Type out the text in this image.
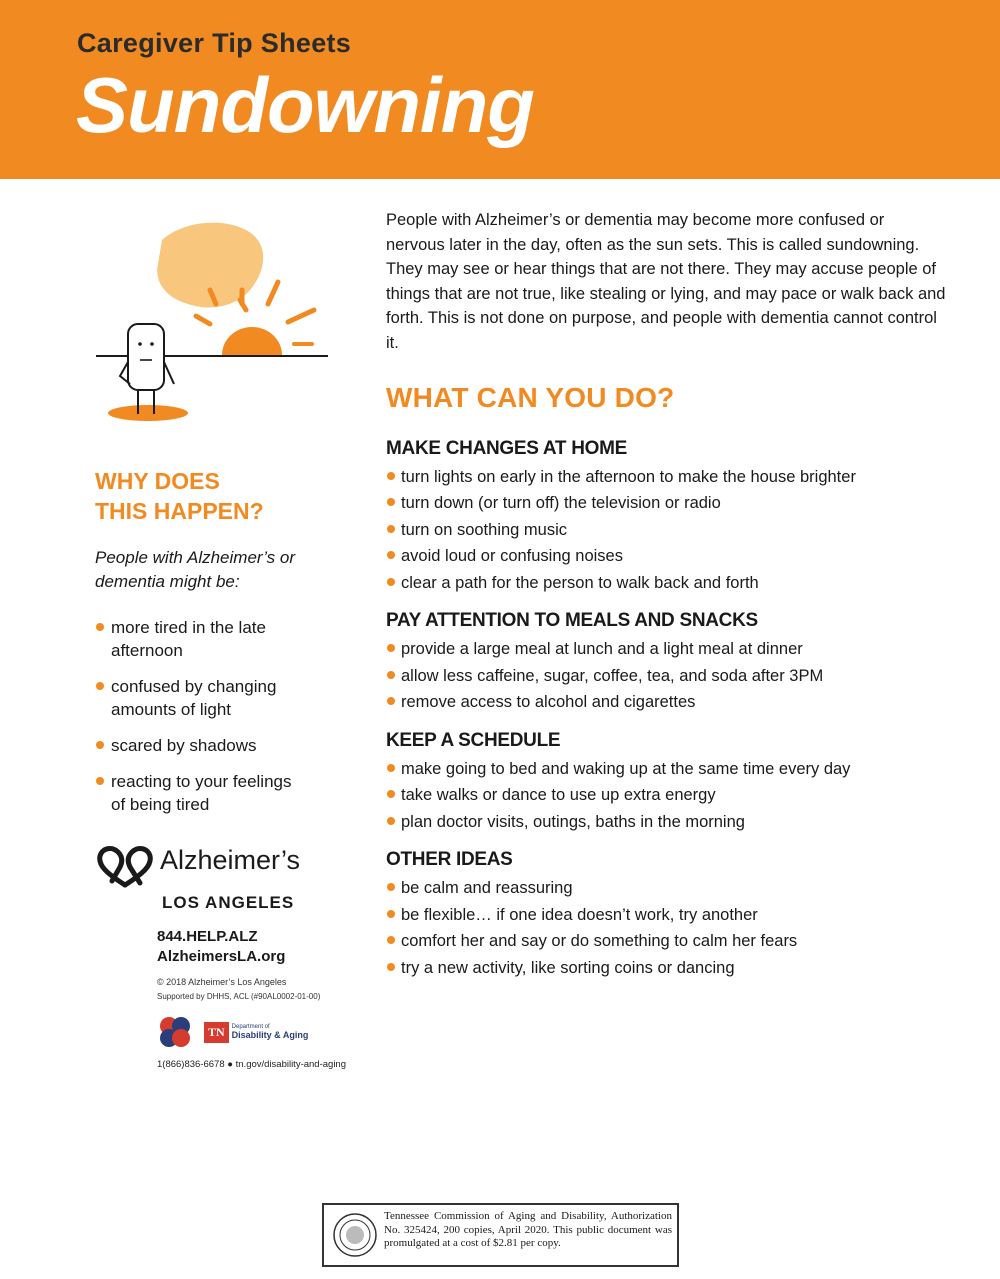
Caregiver Tip Sheets
Sundowning
WHY DOES
THIS HAPPEN?

People with Alzheimer’s or
dementia might be:

more tired in the late
afternoon
confused by changing
amounts of light
scared by shadows
reacting to your feelings
of being tired
Alzheimer’s
LOS ANGELES
844.HELP.ALZ
AlzheimersLA.org
© 2018 Alzheimer’s Los Angeles
Supported by DHHS, ACL (#90AL0002-01-00)
TN	Department of
Disability & Aging
1(866)836-6678 ● tn.gov/disability-and-aging

People with Alzheimer’s or dementia may become more confused or nervous later in the day, often as the sun sets. This is called sundowning. They may see or hear things that are not there. They may accuse people of things that are not true, like stealing or lying, and may pace or walk back and forth. This is not done on purpose, and people with dementia cannot control it.

WHAT CAN YOU DO?
MAKE CHANGES AT HOME
turn lights on early in the afternoon to make the house brighter
turn down (or turn off) the television or radio
turn on soothing music
avoid loud or confusing noises
clear a path for the person to walk back and forth
PAY ATTENTION TO MEALS AND SNACKS
provide a large meal at lunch and a light meal at dinner
allow less caffeine, sugar, coffee, tea, and soda after 3PM
remove access to alcohol and cigarettes
KEEP A SCHEDULE
make going to bed and waking up at the same time every day
take walks or dance to use up extra energy
plan doctor visits, outings, baths in the morning
OTHER IDEAS
be calm and reassuring
be flexible… if one idea doesn’t work, try another
comfort her and say or do something to calm her fears
try a new activity, like sorting coins or dancing
Tennessee Commission of Aging and Disability, Authorization No. 325424, 200 copies, April 2020. This public document was promulgated at a cost of $2.81 per copy.
